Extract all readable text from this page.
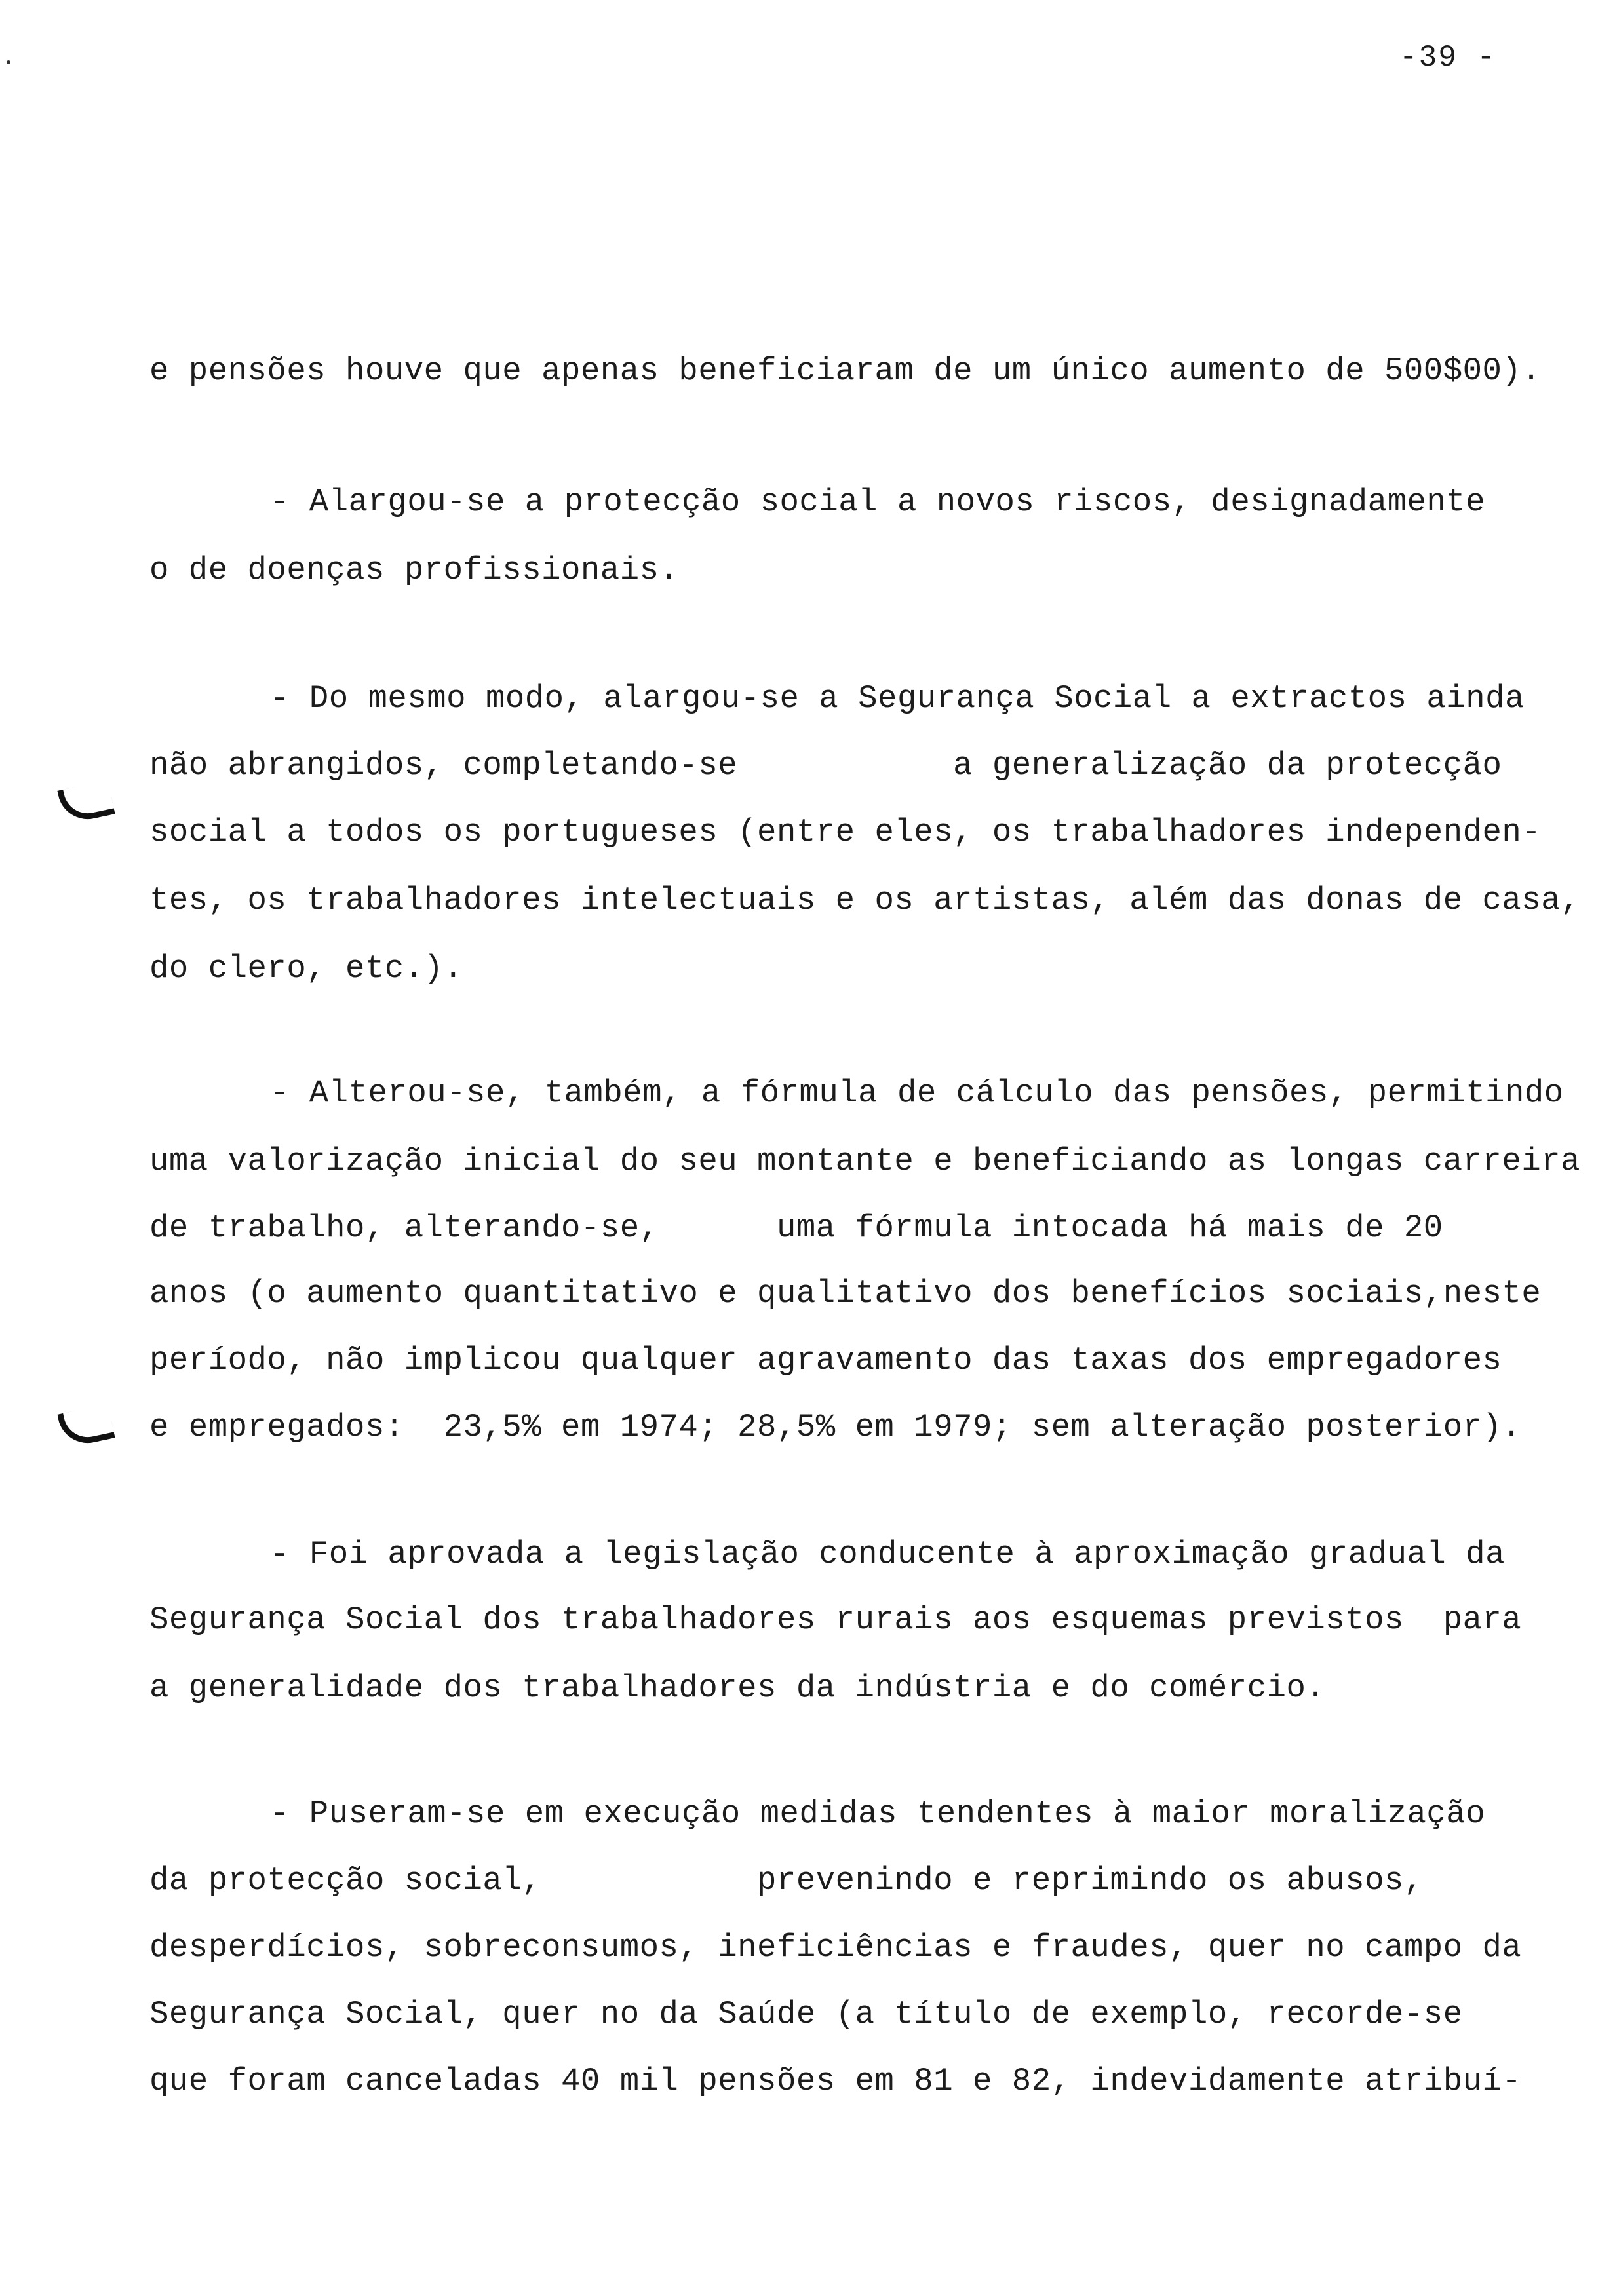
-39 -
e pensões houve que apenas beneficiaram de um único aumento de 500$00).
- Alargou-se a protecção social a novos riscos, designadamente
o de doenças profissionais.
- Do mesmo modo, alargou-se a Segurança Social a extractos ainda
não abrangidos, completando-se           a generalização da protecção
social a todos os portugueses (entre eles, os trabalhadores independen-
tes, os trabalhadores intelectuais e os artistas, além das donas de casa,
do clero, etc.).
- Alterou-se, também, a fórmula de cálculo das pensões, permitindo
uma valorização inicial do seu montante e beneficiando as longas carreira
de trabalho, alterando-se,      uma fórmula intocada há mais de 20
anos (o aumento quantitativo e qualitativo dos benefícios sociais,neste
período, não implicou qualquer agravamento das taxas dos empregadores
e empregados:  23,5% em 1974; 28,5% em 1979; sem alteração posterior).
- Foi aprovada a legislação conducente à aproximação gradual da
Segurança Social dos trabalhadores rurais aos esquemas previstos  para
a generalidade dos trabalhadores da indústria e do comércio.
- Puseram-se em execução medidas tendentes à maior moralização
da protecção social,           prevenindo e reprimindo os abusos,
desperdícios, sobreconsumos, ineficiências e fraudes, quer no campo da
Segurança Social, quer no da Saúde (a título de exemplo, recorde-se
que foram canceladas 40 mil pensões em 81 e 82, indevidamente atribuí-
